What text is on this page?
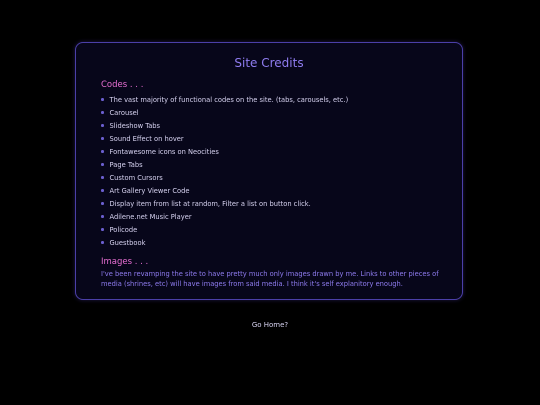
Site Credits
Codes . . .
The vast majority of functional codes on the site. (tabs, carousels, etc.)
Carousel
Slideshow Tabs
Sound Effect on hover
Fontawesome icons on Neocities
Page Tabs
Custom Cursors
Art Gallery Viewer Code
Display item from list at random, Filter a list on button click.
Adilene.net Music Player
Policode
Guestbook
Images . . .

I've been revamping the site to have pretty much only images drawn by me. Links to other pieces of media (shrines, etc) will have images from said media. I think it's self explanitory enough.

Go Home?
